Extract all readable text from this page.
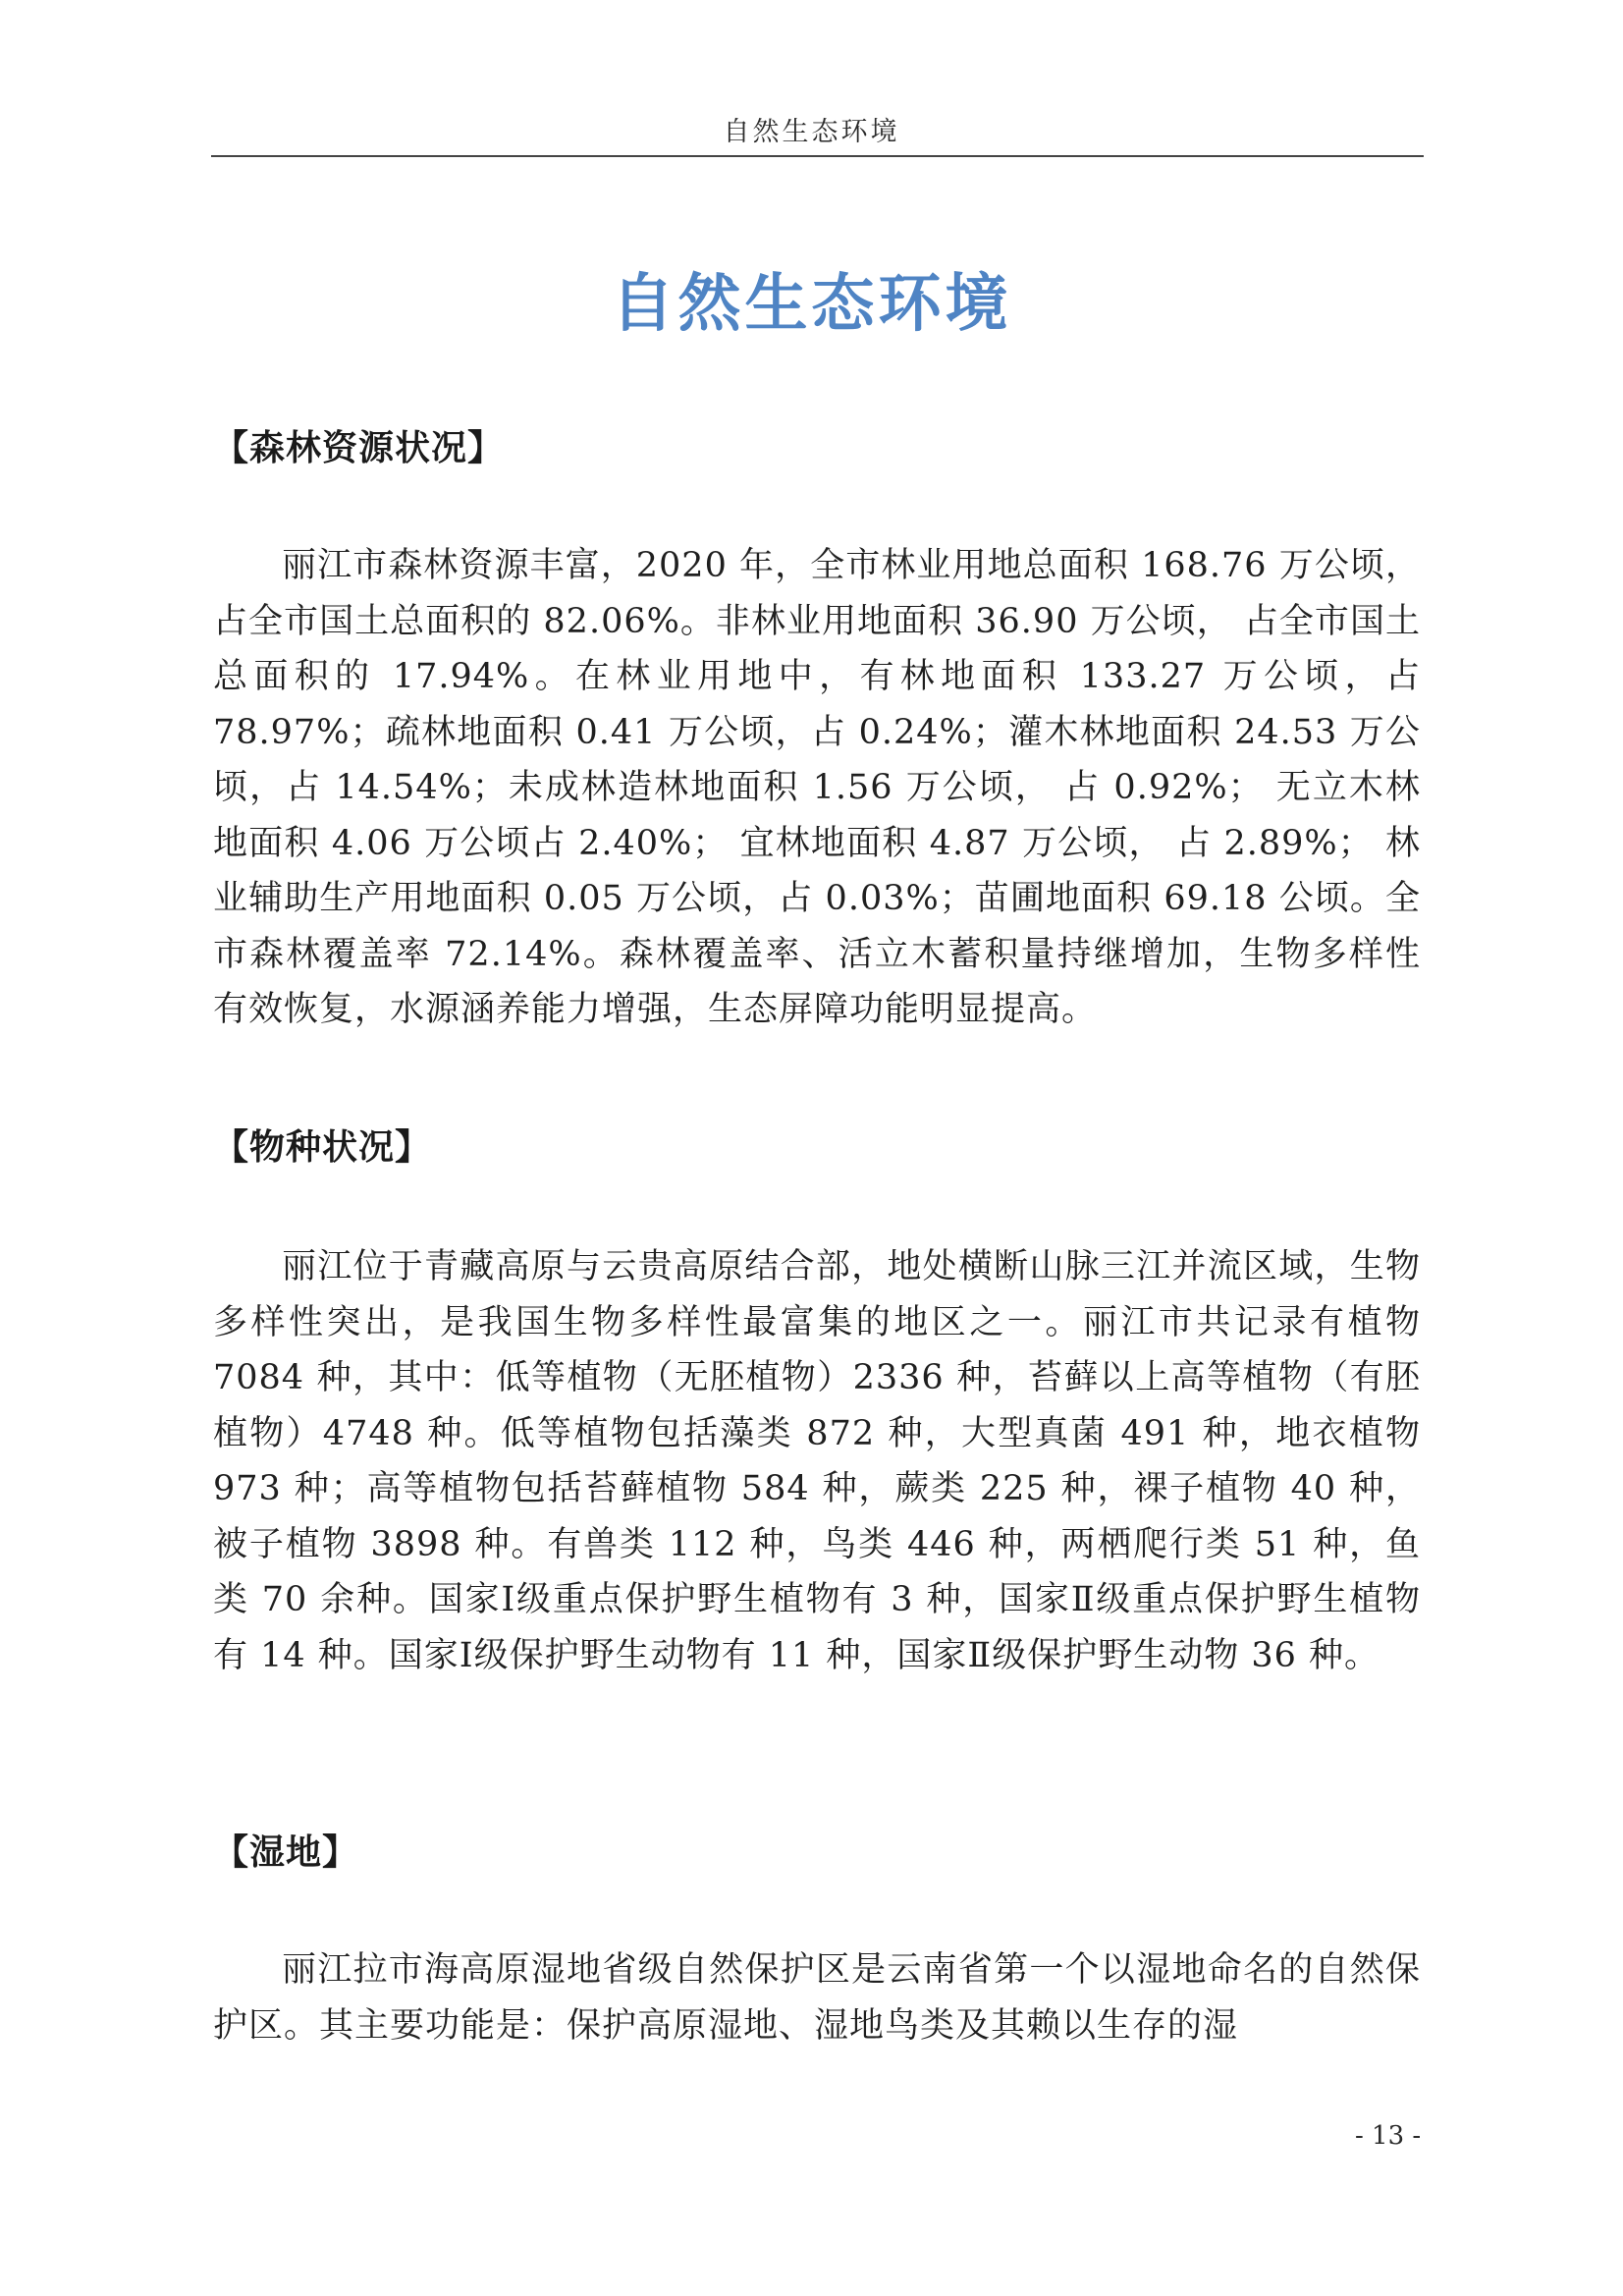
自然生态环境
自然生态环境
【森林资源状况】

丽江市森林资源丰富，2020 年，全市林业用地总面积 168.76 万公顷，占全市国土总面积的 82.06%。非林业用地面积 36.90 万公顷， 占全市国土总面积的 17.94%。在林业用地中，有林地面积 133.27 万公顷，占 78.97%；疏林地面积 0.41 万公顷，占 0.24%；灌木林地面积 24.53 万公顷，占 14.54%；未成林造林地面积 1.56 万公顷， 占 0.92%； 无立木林地面积 4.06 万公顷占 2.40%； 宜林地面积 4.87 万公顷， 占 2.89%； 林业辅助生产用地面积 0.05 万公顷，占 0.03%；苗圃地面积 69.18 公顷。全市森林覆盖率 72.14%。森林覆盖率、活立木蓄积量持继增加，生物多样性有效恢复，水源涵养能力增强，生态屏障功能明显提高。

【物种状况】

丽江位于青藏高原与云贵高原结合部，地处横断山脉三江并流区域，生物多样性突出，是我国生物多样性最富集的地区之一。丽江市共记录有植物 7084 种，其中：低等植物（无胚植物）2336 种，苔藓以上高等植物（有胚植物）4748 种。低等植物包括藻类 872 种，大型真菌 491 种，地衣植物 973 种；高等植物包括苔藓植物 584 种，蕨类 225 种，裸子植物 40 种，被子植物 3898 种。有兽类 112 种，鸟类 446 种，两栖爬行类 51 种，鱼类 70 余种。国家Ⅰ级重点保护野生植物有 3 种，国家Ⅱ级重点保护野生植物有 14 种。国家Ⅰ级保护野生动物有 11 种，国家Ⅱ级保护野生动物 36 种。

【湿地】

丽江拉市海高原湿地省级自然保护区是云南省第一个以湿地命名的自然保护区。其主要功能是：保护高原湿地、湿地鸟类及其赖以生存的湿

- 13 -
